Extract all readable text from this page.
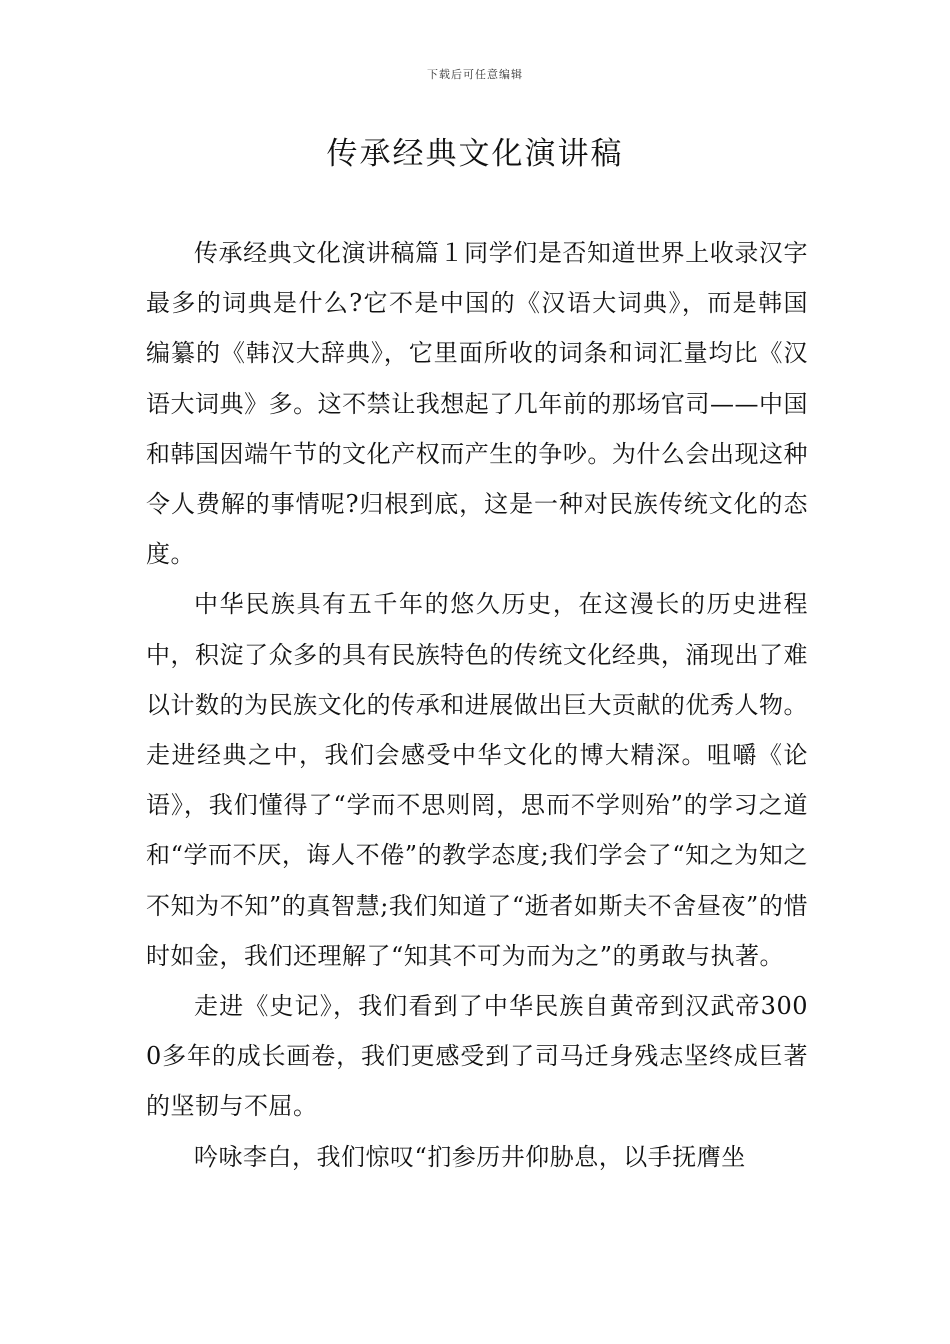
下载后可任意编辑
传承经典文化演讲稿

传承经典文化演讲稿篇１同学们是否知道世界上收录汉字最多的词典是什么?它不是中国的《汉语大词典》，而是韩国编纂的《韩汉大辞典》，它里面所收的词条和词汇量均比《汉语大词典》多。这不禁让我想起了几年前的那场官司——中国和韩国因端午节的文化产权而产生的争吵。为什么会出现这种令人费解的事情呢?归根到底，这是一种对民族传统文化的态度。

中华民族具有五千年的悠久历史，在这漫长的历史进程中，积淀了众多的具有民族特色的传统文化经典，涌现出了难以计数的为民族文化的传承和进展做出巨大贡献的优秀人物。走进经典之中，我们会感受中华文化的博大精深。咀嚼《论语》，我们懂得了“学而不思则罔，思而不学则殆”的学习之道和“学而不厌，诲人不倦”的教学态度;我们学会了“知之为知之不知为不知”的真智慧;我们知道了“逝者如斯夫不舍昼夜”的惜时如金，我们还理解了“知其不可为而为之”的勇敢与执著。

走进《史记》，我们看到了中华民族自黄帝到汉武帝3000多年的成长画卷，我们更感受到了司马迁身残志坚终成巨著的坚韧与不屈。

吟咏李白，我们惊叹“扪参历井仰胁息，以手抚膺坐
